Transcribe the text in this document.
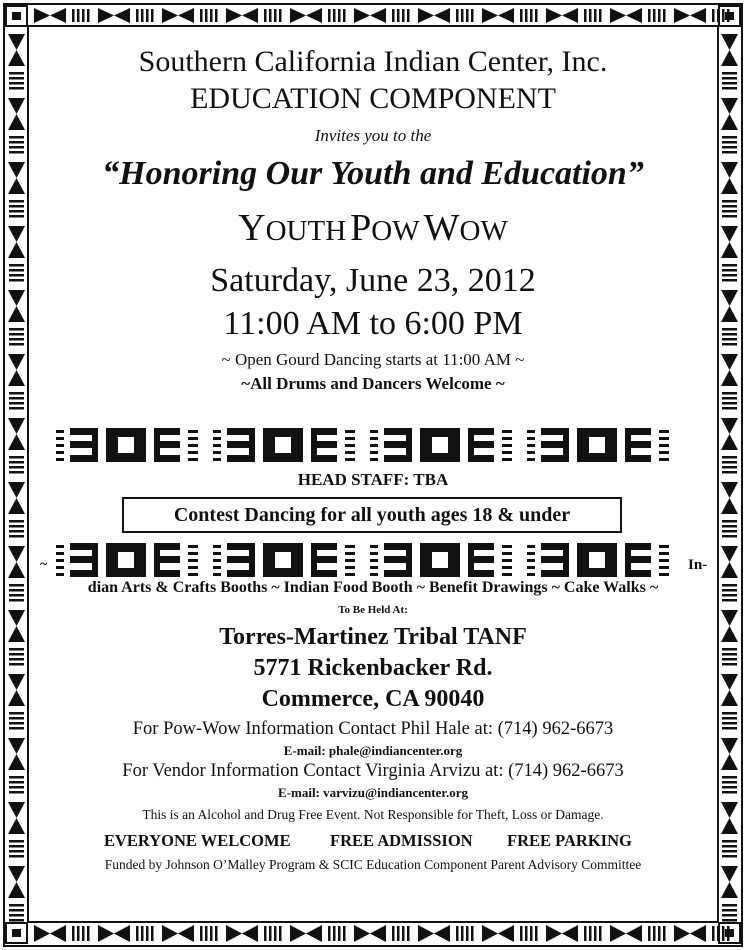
Southern California Indian Center, Inc.
EDUCATION COMPONENT
Invites you to the
“Honoring Our Youth and Education”
YOUTH POW WOW
Saturday, June 23, 2012
11:00 AM to 6:00 PM
~ Open Gourd Dancing starts at 11:00 AM ~
~All Drums and Dancers Welcome ~
HEAD STAFF: TBA
Contest Dancing for all youth ages 18 & under
~	In-
dian Arts & Crafts Booths ~ Indian Food Booth ~ Benefit Drawings ~ Cake Walks ~
To Be Held At:
Torres-Martinez Tribal TANF
5771 Rickenbacker Rd.
Commerce, CA 90040
For Pow-Wow Information Contact Phil Hale at: (714) 962-6673
E-mail: phale@indiancenter.org
For Vendor Information Contact Virginia Arvizu at: (714) 962-6673
E-mail: varvizu@indiancenter.org
This is an Alcohol and Drug Free Event. Not Responsible for Theft, Loss or Damage.
EVERYONE WELCOME FREE ADMISSION FREE PARKING
Funded by Johnson O’Malley Program & SCIC Education Component Parent Advisory Committee
